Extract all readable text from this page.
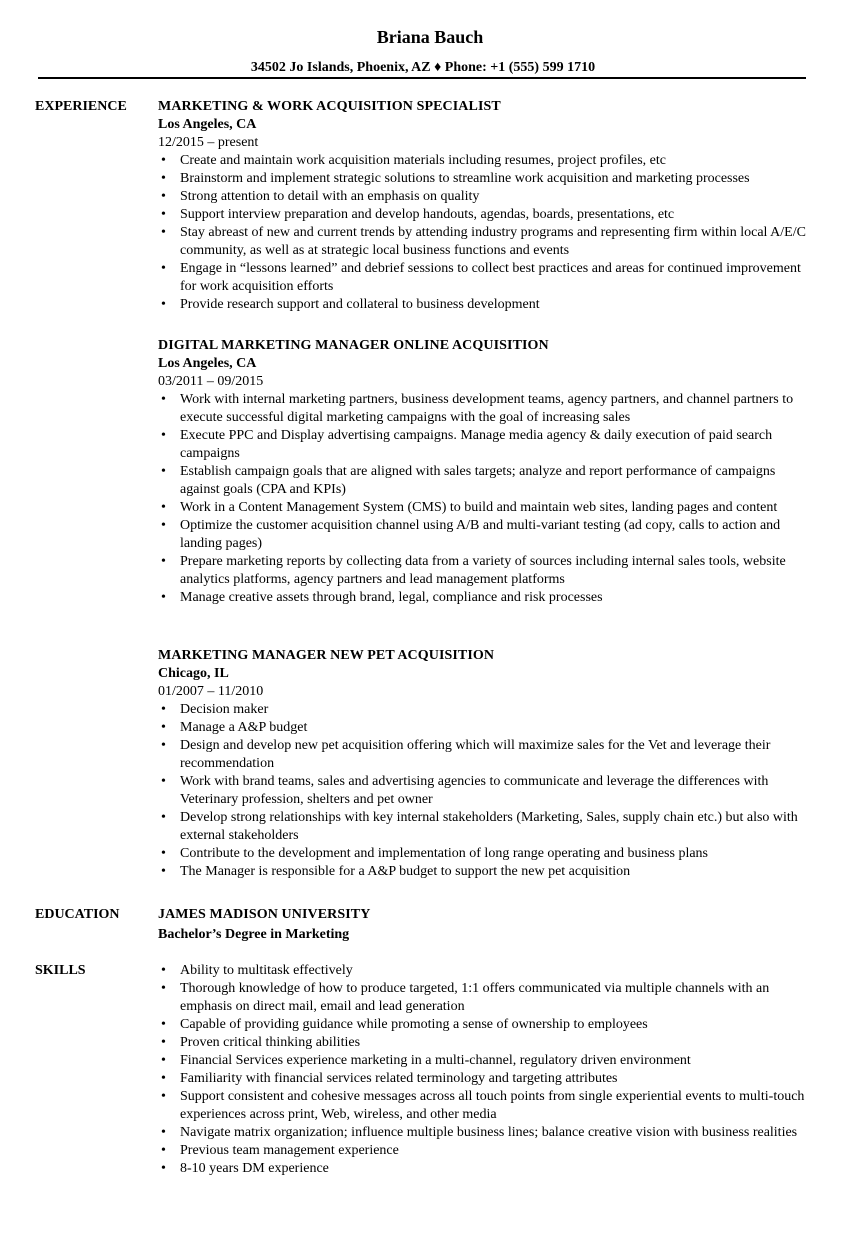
Briana Bauch
34502 Jo Islands, Phoenix, AZ ♦ Phone: +1 (555) 599 1710
EXPERIENCE MARKETING & WORK ACQUISITION SPECIALIST
Los Angeles, CA
12/2015 – present
• Create and maintain work acquisition materials including resumes, project profiles, etc
• Brainstorm and implement strategic solutions to streamline work acquisition and marketing processes
• Strong attention to detail with an emphasis on quality
• Support interview preparation and develop handouts, agendas, boards, presentations, etc
• Stay abreast of new and current trends by attending industry programs and representing firm within local A/E/C community, as well as at strategic local business functions and events
• Engage in “lessons learned” and debrief sessions to collect best practices and areas for continued improvement for work acquisition efforts
• Provide research support and collateral to business development
DIGITAL MARKETING MANAGER ONLINE ACQUISITION
Los Angeles, CA
03/2011 – 09/2015
• Work with internal marketing partners, business development teams, agency partners, and channel partners to execute successful digital marketing campaigns with the goal of increasing sales
• Execute PPC and Display advertising campaigns. Manage media agency & daily execution of paid search campaigns
• Establish campaign goals that are aligned with sales targets; analyze and report performance of campaigns against goals (CPA and KPIs)
• Work in a Content Management System (CMS) to build and maintain web sites, landing pages and content
• Optimize the customer acquisition channel using A/B and multi-variant testing (ad copy, calls to action and landing pages)
• Prepare marketing reports by collecting data from a variety of sources including internal sales tools, website analytics platforms, agency partners and lead management platforms
• Manage creative assets through brand, legal, compliance and risk processes
MARKETING MANAGER NEW PET ACQUISITION
Chicago, IL
01/2007 – 11/2010
• Decision maker
• Manage a A&P budget
• Design and develop new pet acquisition offering which will maximize sales for the Vet and leverage their recommendation
• Work with brand teams, sales and advertising agencies to communicate and leverage the differences with Veterinary profession, shelters and pet owner
• Develop strong relationships with key internal stakeholders (Marketing, Sales, supply chain etc.) but also with external stakeholders
• Contribute to the development and implementation of long range operating and business plans
• The Manager is responsible for a A&P budget to support the new pet acquisition
EDUCATION	JAMES MADISON UNIVERSITY
Bachelor’s Degree in Marketing
SKILLS	• Ability to multitask effectively
• Thorough knowledge of how to produce targeted, 1:1 offers communicated via multiple channels with an emphasis on direct mail, email and lead generation
• Capable of providing guidance while promoting a sense of ownership to employees
• Proven critical thinking abilities
• Financial Services experience marketing in a multi-channel, regulatory driven environment
• Familiarity with financial services related terminology and targeting attributes
• Support consistent and cohesive messages across all touch points from single experiential events to multi-touch experiences across print, Web, wireless, and other media
• Navigate matrix organization; influence multiple business lines; balance creative vision with business realities
• Previous team management experience
• 8-10 years DM experience
